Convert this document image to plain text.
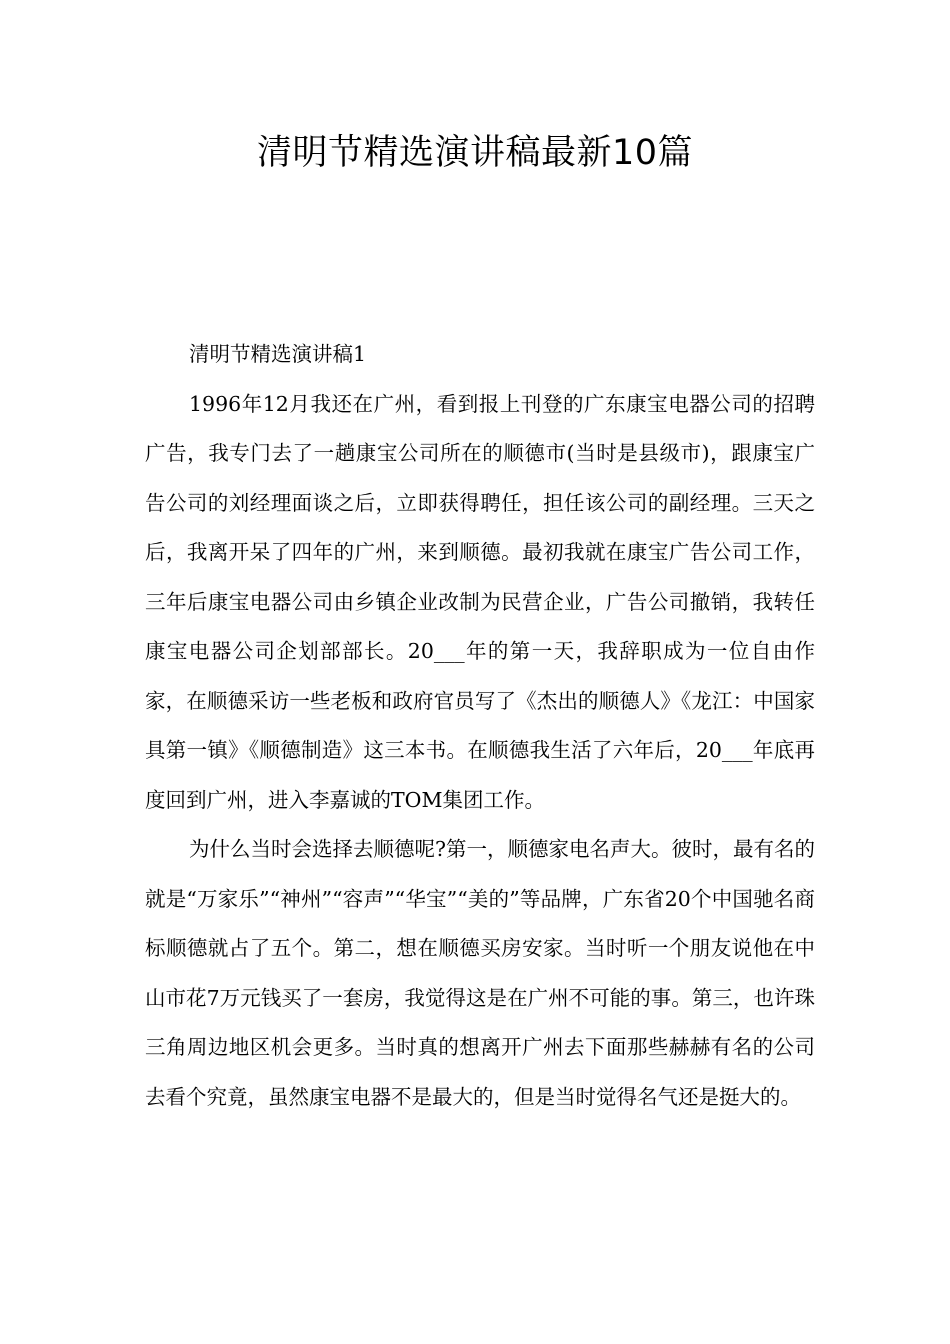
清明节精选演讲稿最新10篇
清明节精选演讲稿1

1996年12月我还在广州，看到报上刊登的广东康宝电器公司的招聘广告，我专门去了一趟康宝公司所在的顺德市(当时是县级市)，跟康宝广告公司的刘经理面谈之后，立即获得聘任，担任该公司的副经理。三天之后，我离开呆了四年的广州，来到顺德。最初我就在康宝广告公司工作，三年后康宝电器公司由乡镇企业改制为民营企业，广告公司撤销，我转任康宝电器公司企划部部长。20___年的第一天，我辞职成为一位自由作家，在顺德采访一些老板和政府官员写了《杰出的顺德人》《龙江：中国家具第一镇》《顺德制造》这三本书。在顺德我生活了六年后，20___年底再度回到广州，进入李嘉诚的TOM集团工作。

为什么当时会选择去顺德呢?第一，顺德家电名声大。彼时，最有名的就是“万家乐”“神州”“容声”“华宝”“美的”等品牌，广东省20个中国驰名商标顺德就占了五个。第二，想在顺德买房安家。当时听一个朋友说他在中山市花7万元钱买了一套房，我觉得这是在广州不可能的事。第三，也许珠三角周边地区机会更多。当时真的想离开广州去下面那些赫赫有名的公司去看个究竟，虽然康宝电器不是最大的，但是当时觉得名气还是挺大的。
